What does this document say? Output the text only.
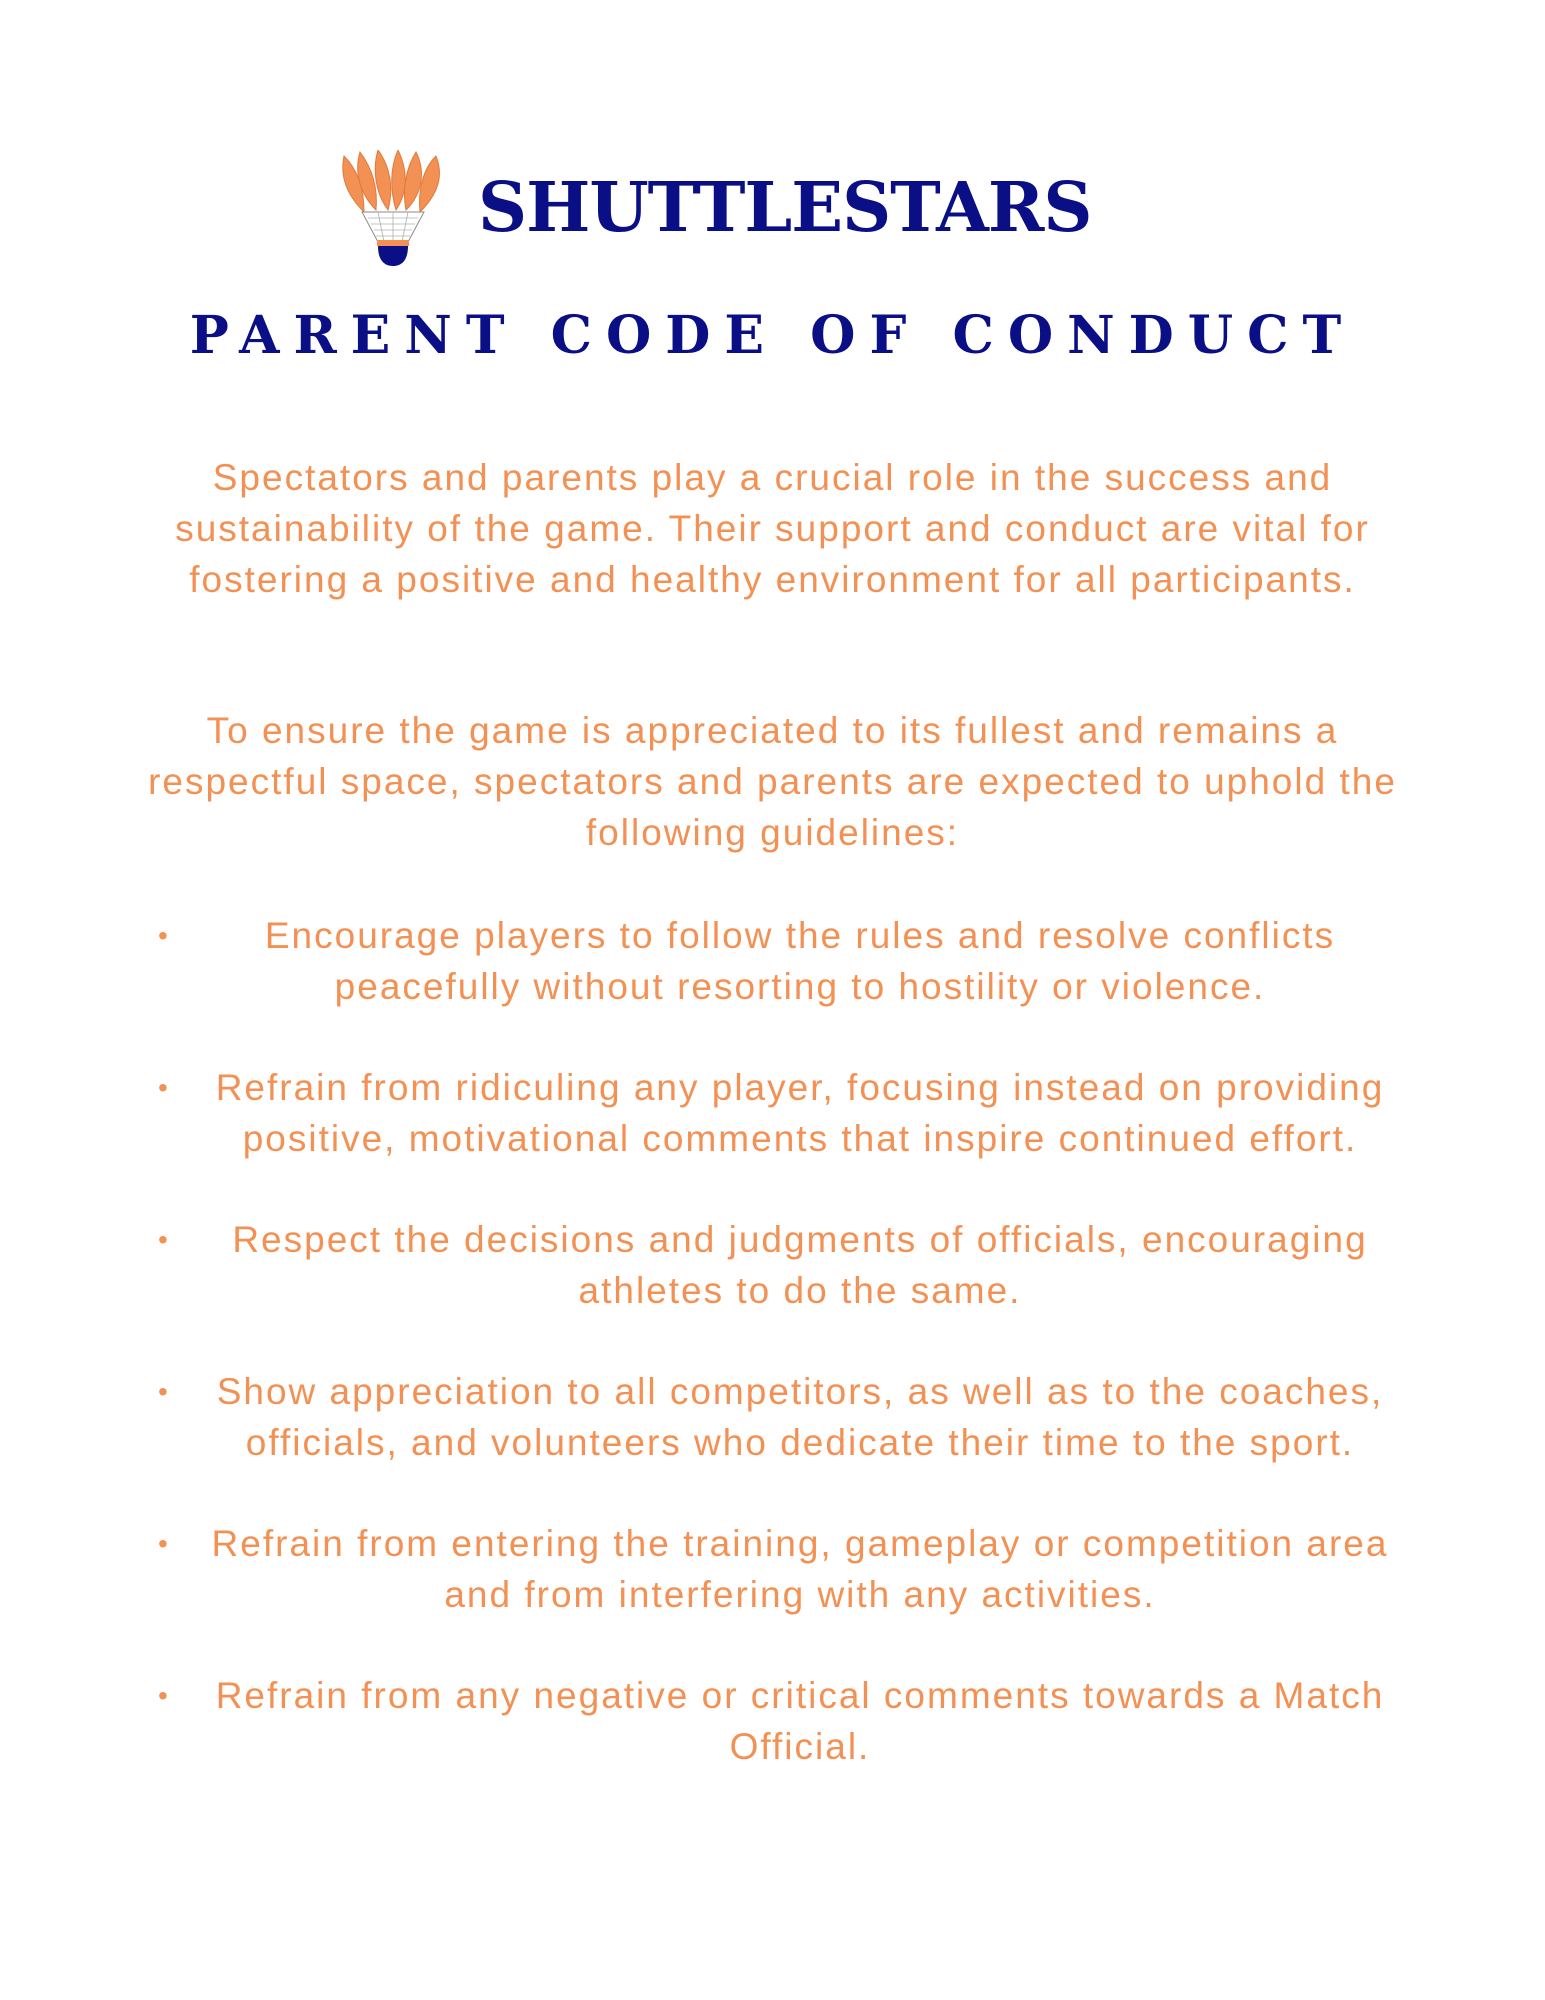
SHUTTLESTARS
PARENT CODE OF CONDUCT

Spectators and parents play a crucial role in the success and sustainability of the game. Their support and conduct are vital for fostering a positive and healthy environment for all participants.

To ensure the game is appreciated to its fullest and remains a respectful space, spectators and parents are expected to uphold the following guidelines:

•	Encourage players to follow the rules and resolve conflicts peacefully without resorting to hostility or violence.
•	Refrain from ridiculing any player, focusing instead on providing positive, motivational comments that inspire continued effort.
•	Respect the decisions and judgments of officials, encouraging athletes to do the same.
•	Show appreciation to all competitors, as well as to the coaches, officials, and volunteers who dedicate their time to the sport.
•	Refrain from entering the training, gameplay or competition area and from interfering with any activities.
•	Refrain from any negative or critical comments towards a Match Official.
